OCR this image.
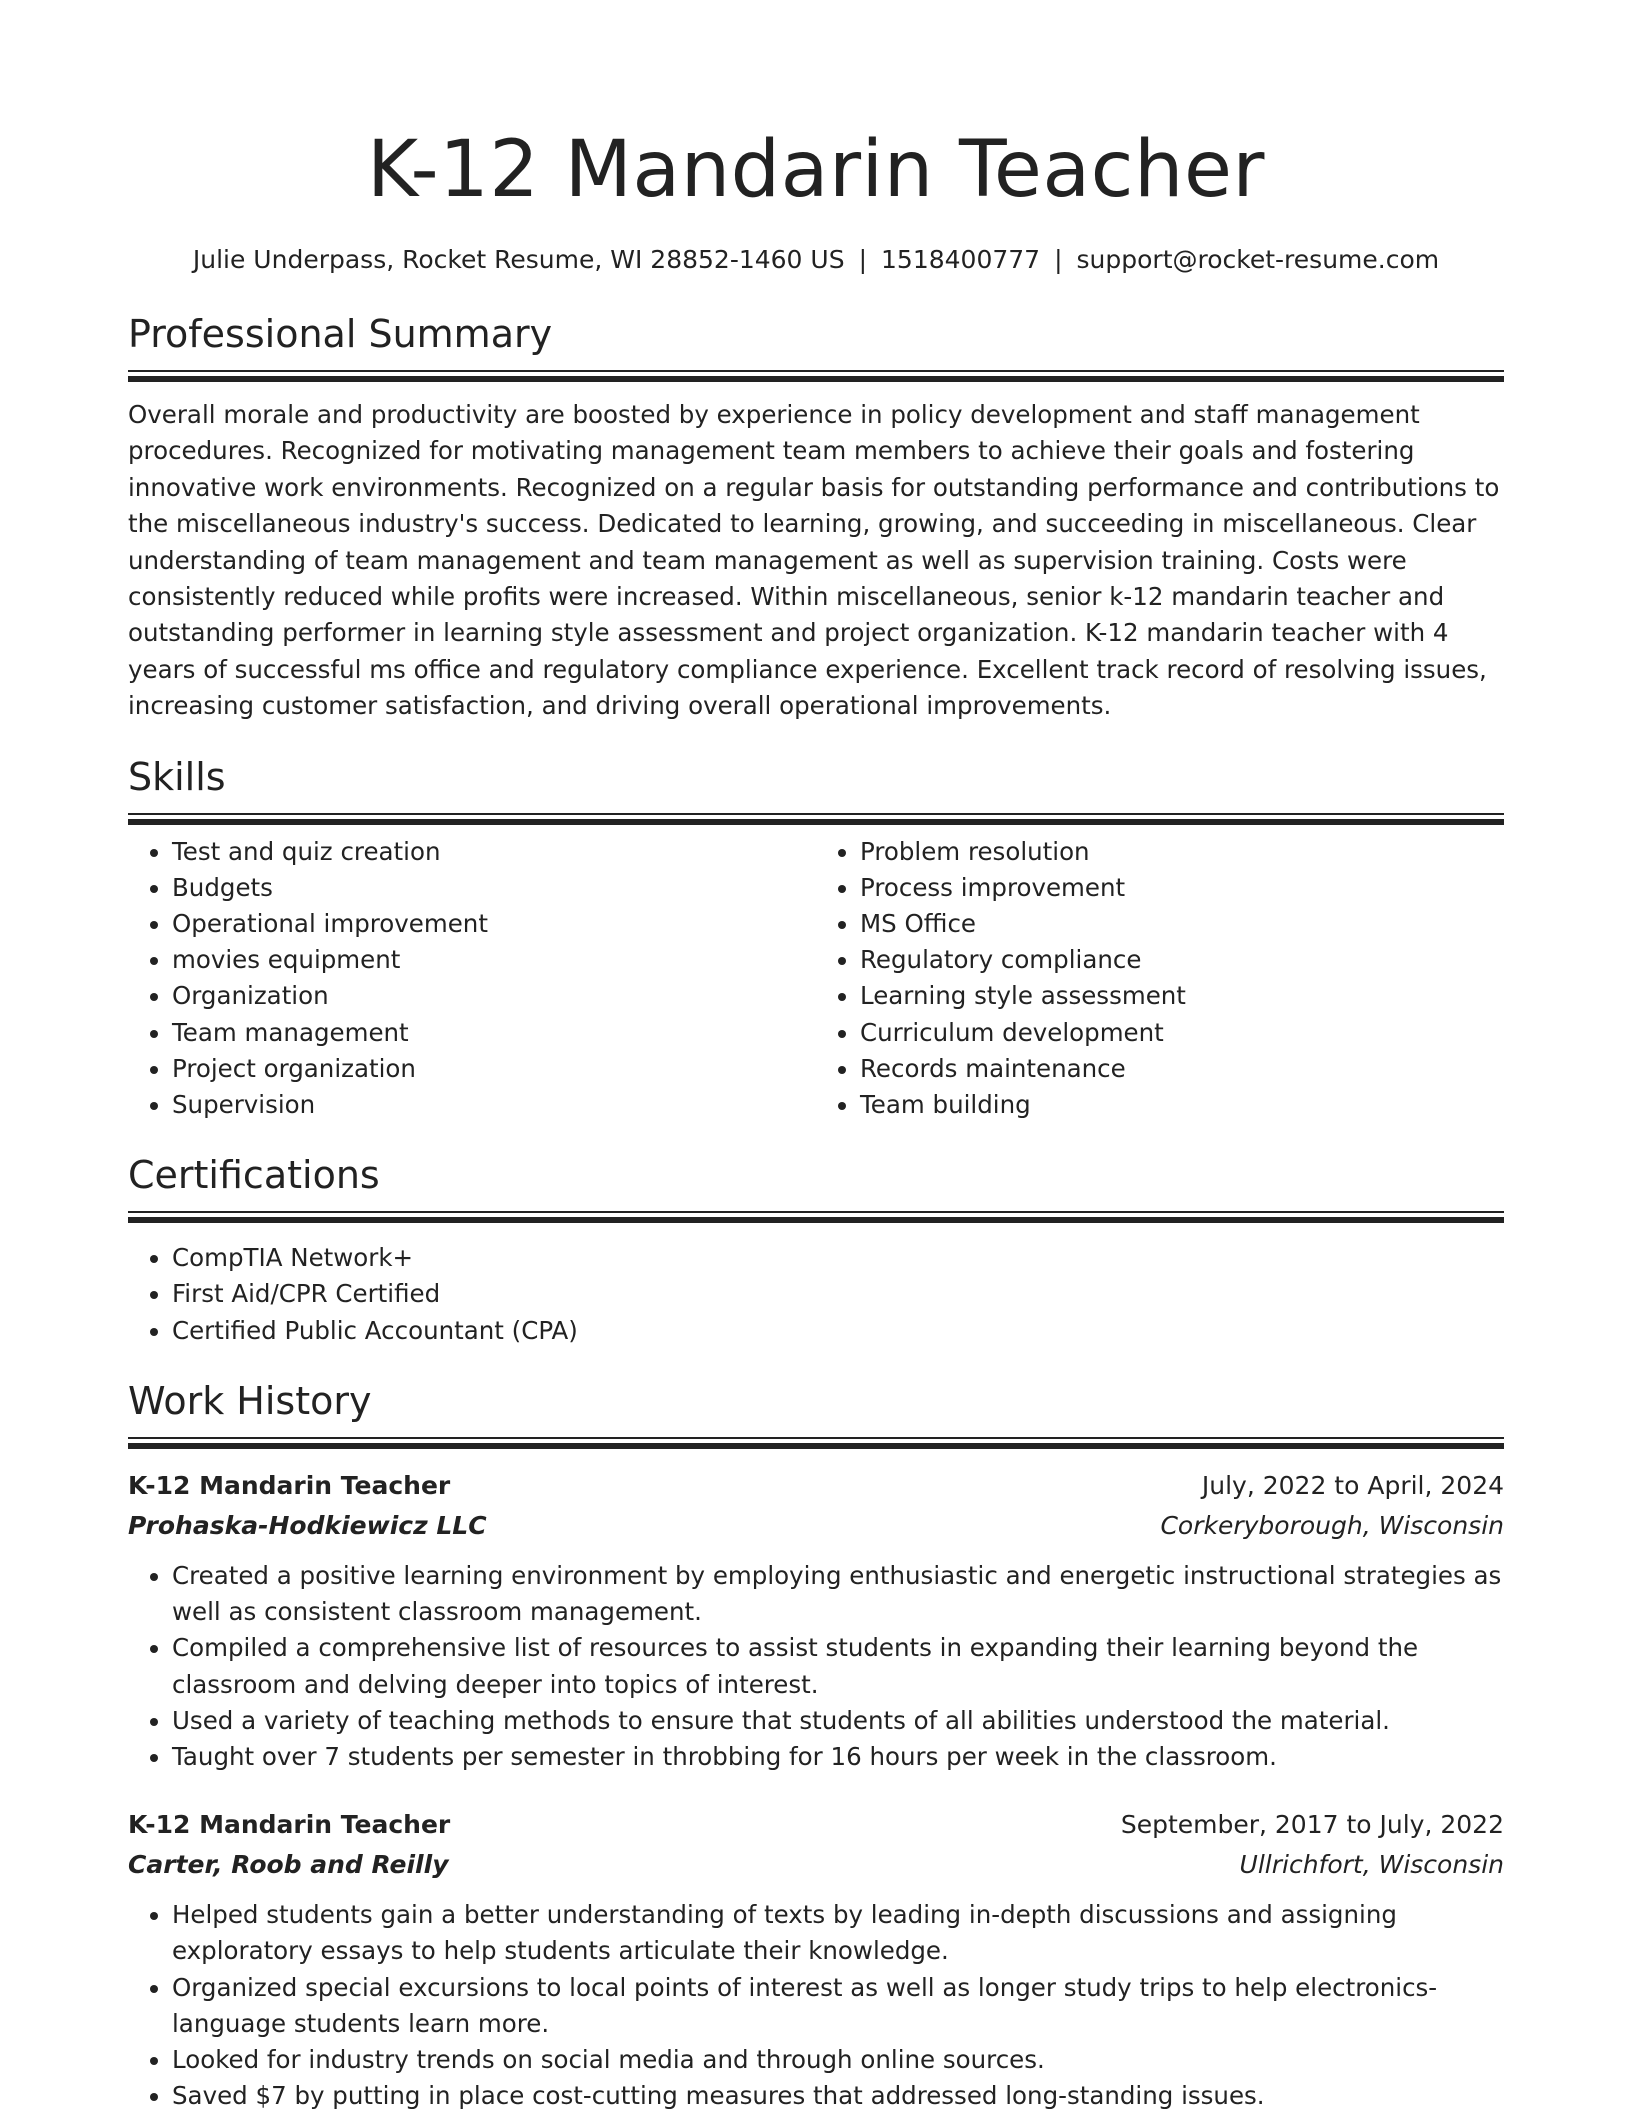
K-12 Mandarin Teacher
Julie Underpass, Rocket Resume, WI 28852-1460 US | 1518400777 | support@rocket-resume.com
Professional Summary

Overall morale and productivity are boosted by experience in policy development and staff management procedures. Recognized for motivating management team members to achieve their goals and fostering innovative work environments. Recognized on a regular basis for outstanding performance and contributions to the miscellaneous industry's success. Dedicated to learning, growing, and succeeding in miscellaneous. Clear understanding of team management and team management as well as supervision training. Costs were consistently reduced while profits were increased. Within miscellaneous, senior k-12 mandarin teacher and outstanding performer in learning style assessment and project organization. K-12 mandarin teacher with 4 years of successful ms office and regulatory compliance experience. Excellent track record of resolving issues, increasing customer satisfaction, and driving overall operational improvements.

Skills
• Test and quiz creation
• Budgets
• Operational improvement
• movies equipment
• Organization
• Team management
• Project organization
• Supervision
• Problem resolution
• Process improvement
• MS Office
• Regulatory compliance
• Learning style assessment
• Curriculum development
• Records maintenance
• Team building
Certifications
• CompTIA Network+
• First Aid/CPR Certified
• Certified Public Accountant (CPA)
Work History
K-12 Mandarin Teacher	July, 2022 to April, 2024
Prohaska-Hodkiewicz LLC	Corkeryborough, Wisconsin
• Created a positive learning environment by employing enthusiastic and energetic instructional strategies as well as consistent classroom management.
• Compiled a comprehensive list of resources to assist students in expanding their learning beyond the classroom and delving deeper into topics of interest.
• Used a variety of teaching methods to ensure that students of all abilities understood the material.
• Taught over 7 students per semester in throbbing for 16 hours per week in the classroom.
K-12 Mandarin Teacher	September, 2017 to July, 2022
Carter, Roob and Reilly	Ullrichfort, Wisconsin
• Helped students gain a better understanding of texts by leading in-depth discussions and assigning exploratory essays to help students articulate their knowledge.
• Organized special excursions to local points of interest as well as longer study trips to help electronics-language students learn more.
• Looked for industry trends on social media and through online sources.
• Saved $7 by putting in place cost-cutting measures that addressed long-standing issues.
